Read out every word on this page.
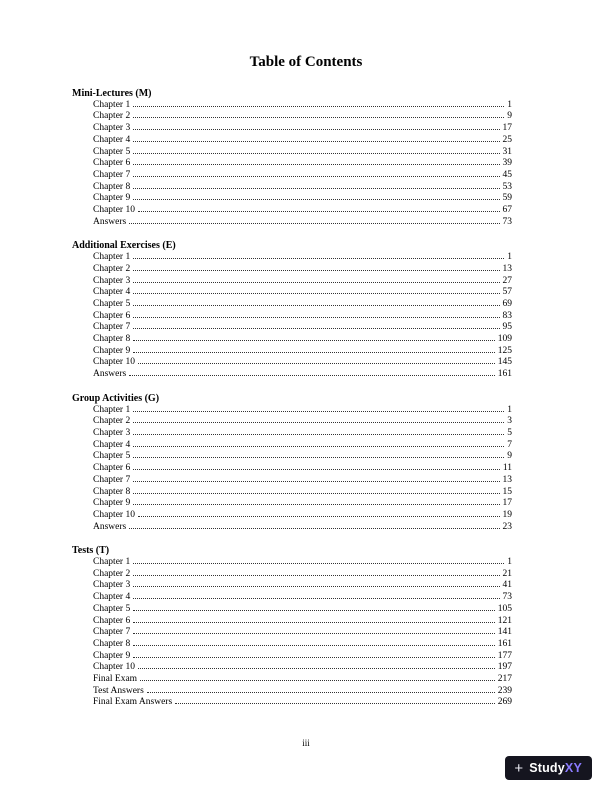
Table of Contents
Mini-Lectures (M)
Chapter 1	1
Chapter 2	9
Chapter 3	17
Chapter 4	25
Chapter 5	31
Chapter 6	39
Chapter 7	45
Chapter 8	53
Chapter 9	59
Chapter 10	67
Answers	73
Additional Exercises (E)
Chapter 1	1
Chapter 2	13
Chapter 3	27
Chapter 4	57
Chapter 5	69
Chapter 6	83
Chapter 7	95
Chapter 8	109
Chapter 9	125
Chapter 10	145
Answers	161
Group Activities (G)
Chapter 1	1
Chapter 2	3
Chapter 3	5
Chapter 4	7
Chapter 5	9
Chapter 6	11
Chapter 7	13
Chapter 8	15
Chapter 9	17
Chapter 10	19
Answers	23
Tests (T)
Chapter 1	1
Chapter 2	21
Chapter 3	41
Chapter 4	73
Chapter 5	105
Chapter 6	121
Chapter 7	141
Chapter 8	161
Chapter 9	177
Chapter 10	197
Final Exam	217
Test Answers	239
Final Exam Answers	269
iii
+ StudyXY
